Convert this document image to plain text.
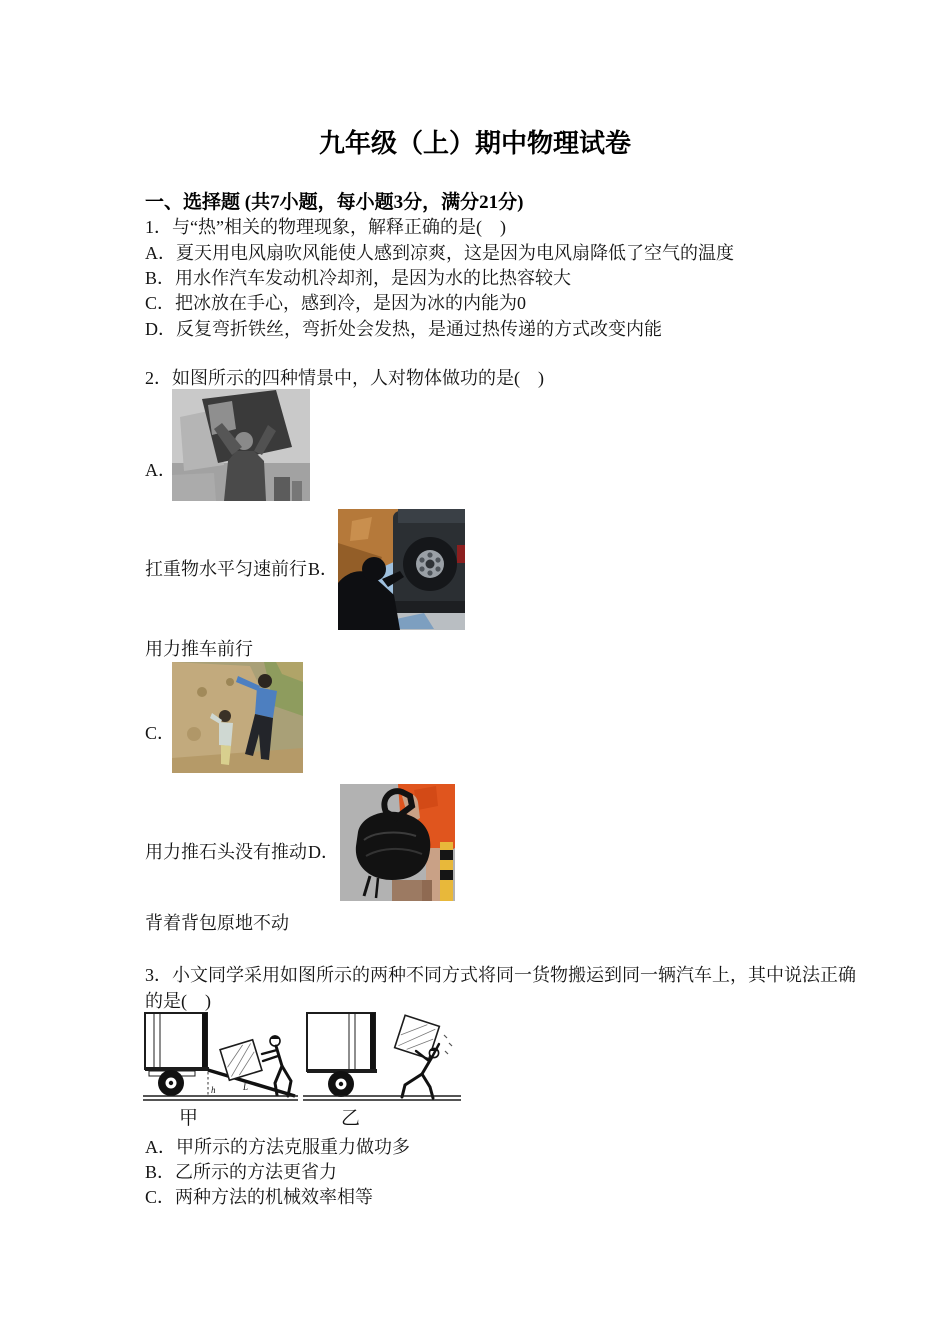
九年级（上）期中物理试卷
一、选择题 (共7小题，每小题3分，满分21分)
1．与“热”相关的物理现象，解释正确的是(　)
A．夏天用电风扇吹风能使人感到凉爽，这是因为电风扇降低了空气的温度
B．用水作汽车发动机冷却剂，是因为水的比热容较大
C．把冰放在手心，感到冷，是因为冰的内能为0
D．反复弯折铁丝，弯折处会发热，是通过热传递的方式改变内能
2．如图所示的四种情景中，人对物体做功的是(　)
A．
扛重物水平匀速前行 B．
用力推车前行
C．
用力推石头没有推动 D．
背着背包原地不动
3．小文同学采用如图所示的两种不同方式将同一货物搬运到同一辆汽车上，其中说法正确
的是(　)
h	L
甲	乙
A．甲所示的方法克服重力做功多
B．乙所示的方法更省力
C．两种方法的机械效率相等
